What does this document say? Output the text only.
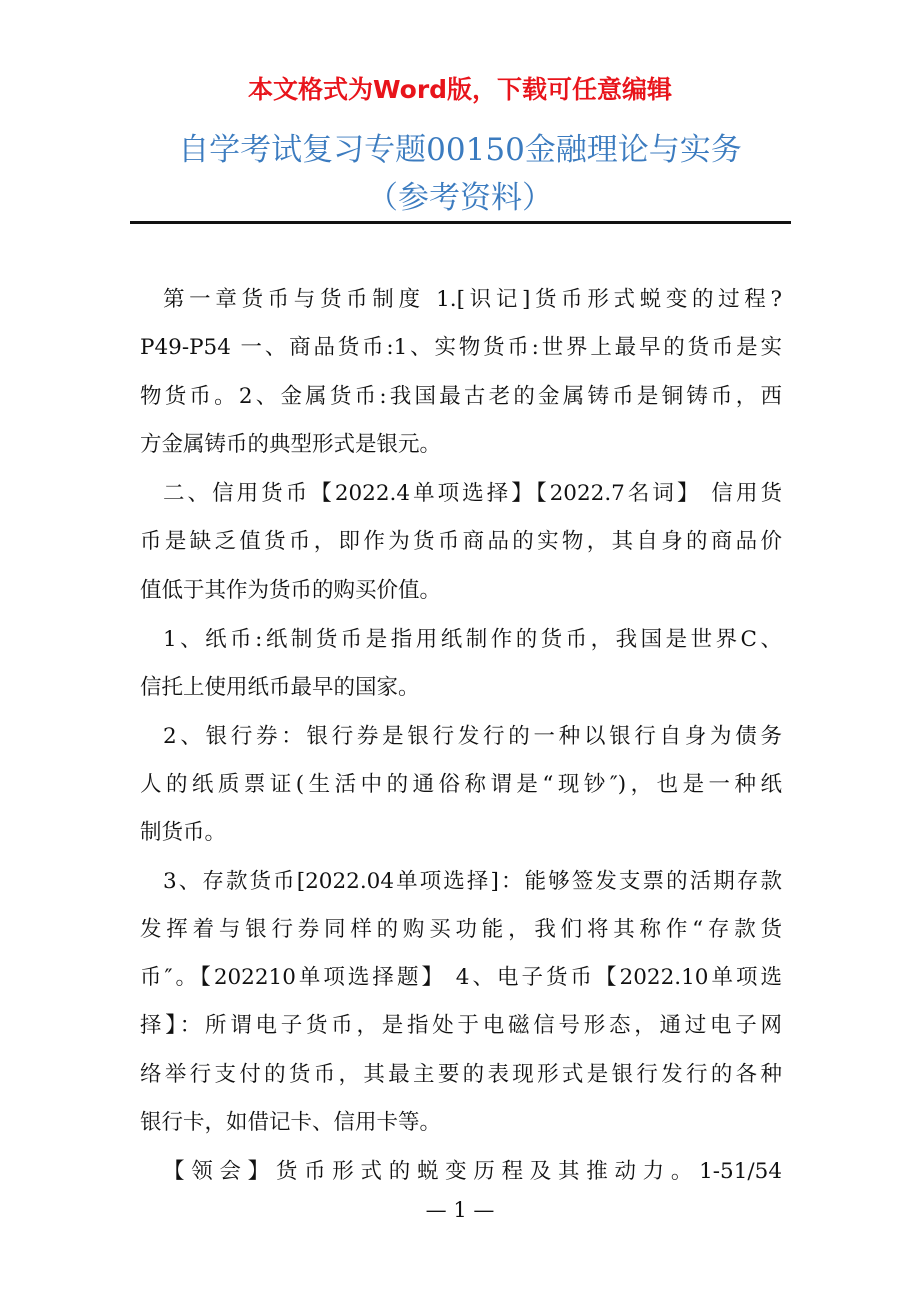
本文格式为Word版，下载可任意编辑
自学考试复习专题00150金融理论与实务
（参考资料）
第一章货币与货币制度 1.[识记]货币形式蜕变的过程?
P49-P54 一、商品货币:1、实物货币:世界上最早的货币是实
物货币。2、金属货币:我国最古老的金属铸币是铜铸币，西
方金属铸币的典型形式是银元。
二、信用货币【2022.4单项选择】【2022.7名词】 信用货
币是缺乏值货币，即作为货币商品的实物，其自身的商品价
值低于其作为货币的购买价值。
1、纸币:纸制货币是指用纸制作的货币，我国是世界C、
信托上使用纸币最早的国家。
2、银行券：银行券是银行发行的一种以银行自身为债务
人的纸质票证(生活中的通俗称谓是“现钞″)，也是一种纸
制货币。
3、存款货币[2022.04单项选择]：能够签发支票的活期存款
发挥着与银行券同样的购买功能，我们将其称作“存款货
币″。【202210单项选择题】 4、电子货币【2022.10单项选
择】：所谓电子货币，是指处于电磁信号形态，通过电子网
络举行支付的货币，其最主要的表现形式是银行发行的各种
银行卡，如借记卡、信用卡等。
【领会】货币形式的蜕变历程及其推动力。1-51/54
— 1 —
